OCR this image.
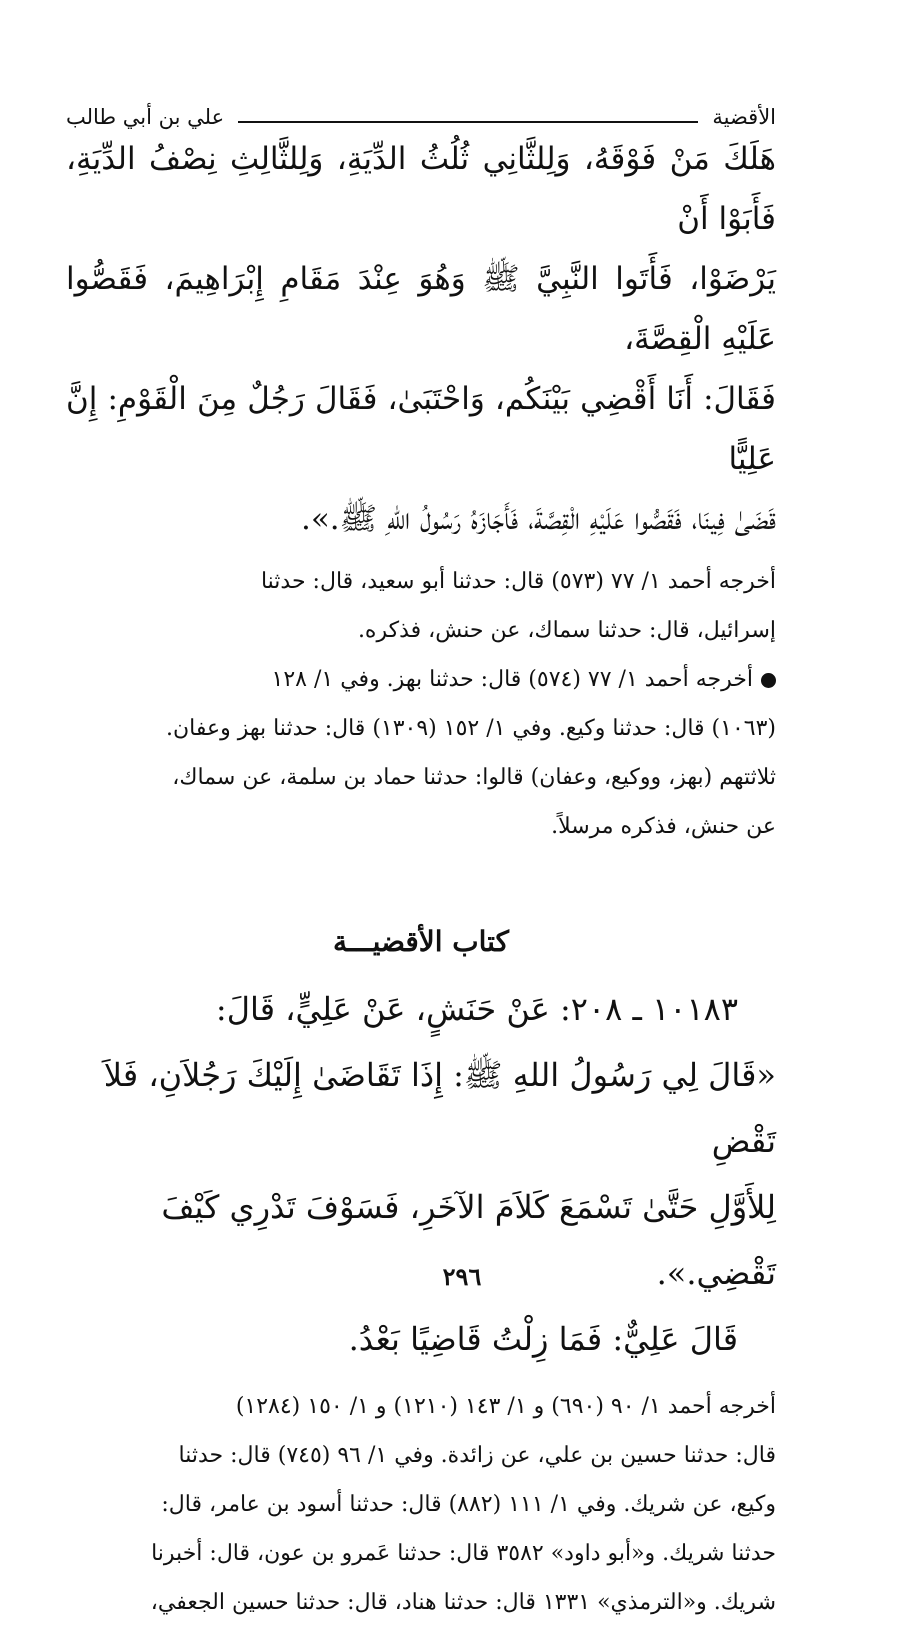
الأقضية
علي بن أبي طالب

هَلَكَ مَنْ فَوْقَهُ، وَلِلثَّانِي ثُلُثُ الدِّيَةِ، وَلِلثَّالِثِ نِصْفُ الدِّيَةِ، فَأَبَوْا أَنْ

يَرْضَوْا، فَأَتَوا النَّبِيَّ ﷺ وَهُوَ عِنْدَ مَقَامِ إِبْرَاهِيمَ، فَقَصُّوا عَلَيْهِ الْقِصَّةَ،

فَقَالَ: أَنَا أَقْضِي بَيْنَكُم، وَاحْتَبَىٰ، فَقَالَ رَجُلٌ مِنَ الْقَوْمِ: إِنَّ عَلِيًّا

قَضَىٰ فِينَا، فَقَصُّوا عَلَيْهِ الْقِصَّةَ، فَأَجَازَهُ رَسُولُ اللهِ ﷺ.».

أخرجه أحمد ١/ ٧٧ (٥٧٣) قال: حدثنا أبو سعيد، قال: حدثنا

إسرائيل، قال: حدثنا سماك، عن حنش، فذكره.

أخرجه أحمد ١/ ٧٧ (٥٧٤) قال: حدثنا بهز. وفي ١/ ١٢٨

(١٠٦٣) قال: حدثنا وكيع. وفي ١/ ١٥٢ (١٣٠٩) قال: حدثنا بهز وعفان.

ثلاثتهم (بهز، ووكيع، وعفان) قالوا: حدثنا حماد بن سلمة، عن سماك،

عن حنش، فذكره مرسلاً.

كتاب الأقضيـــة

١٠١٨٣ ـ ٢٠٨: عَنْ حَنَشٍ، عَنْ عَلِيٍّ، قَالَ:

«قَالَ لِي رَسُولُ اللهِ ﷺ: إِذَا تَقَاضَىٰ إِلَيْكَ رَجُلاَنِ، فَلاَ تَقْضِ

لِلأَوَّلِ حَتَّىٰ تَسْمَعَ كَلاَمَ الآخَرِ، فَسَوْفَ تَدْرِي كَيْفَ تَقْضِي.».

قَالَ عَلِيٌّ: فَمَا زِلْتُ قَاضِيًا بَعْدُ.

أخرجه أحمد ١/ ٩٠ (٦٩٠) و ١/ ١٤٣ (١٢١٠) و ١/ ١٥٠ (١٢٨٤)

قال: حدثنا حسين بن علي، عن زائدة. وفي ١/ ٩٦ (٧٤٥) قال: حدثنا

وكيع، عن شريك. وفي ١/ ١١١ (٨٨٢) قال: حدثنا أسود بن عامر، قال:

حدثنا شريك. و«أبو داود» ٣٥٨٢ قال: حدثنا عَمرو بن عون، قال: أخبرنا

شريك. و«الترمذي» ١٣٣١ قال: حدثنا هناد، قال: حدثنا حسين الجعفي،

٢٩٦
